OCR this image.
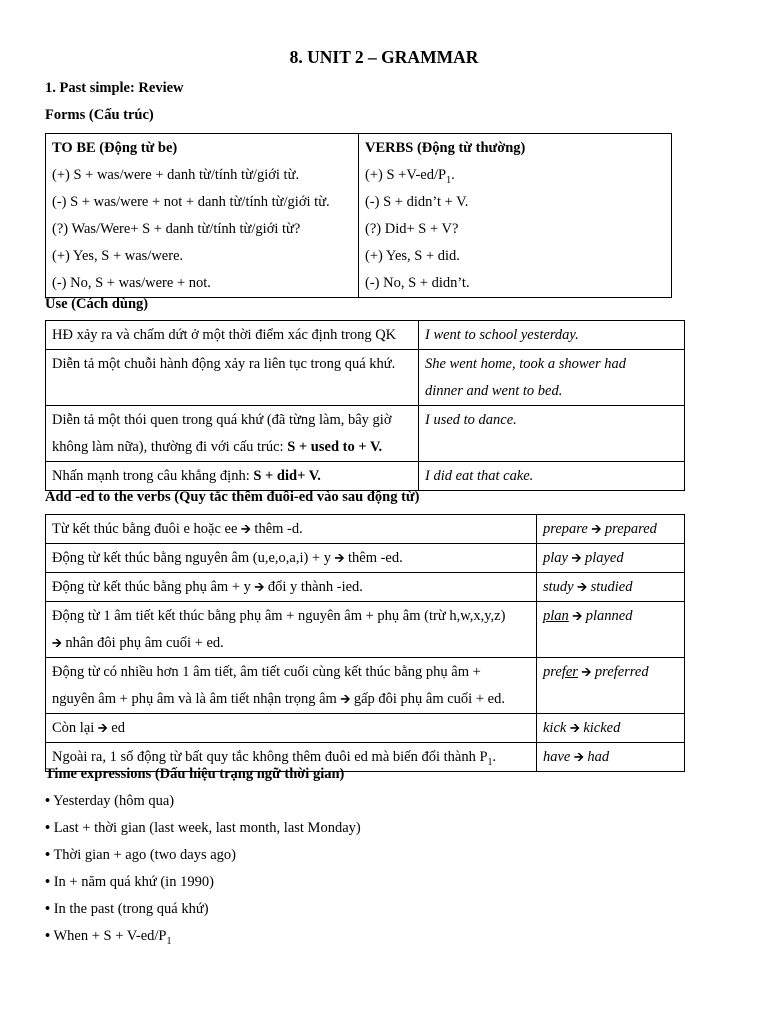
8. UNIT 2 – GRAMMAR
1. Past simple: Review
Forms (Cấu trúc)
TO BE (Động từ be)
(+) S + was/were + danh từ/tính từ/giới từ.
(-) S + was/were + not + danh từ/tính từ/giới từ.
(?) Was/Were+ S + danh từ/tính từ/giới từ?
(+) Yes, S + was/were.
(-) No, S + was/were + not.

VERBS (Động từ thường)
(+) $S +V-ed/P_1$.
(-) S + didn’t + V.
(?) Did+ S + V?
(+) Yes, S + did.
(-) No, S + didn’t.
Use (Cách dùng)
HĐ xảy ra và chấm dứt ở một thời điểm xác định trong QK	I went to school yesterday.
Diễn tả một chuỗi hành động xảy ra liên tục trong quá khứ.	She went home, took a shower had
dinner and went to bed.

Diễn tả một thói quen trong quá khứ (đã từng làm, bây giờ
không làm nữa), thường đi với cấu trúc: S + used to + V.	I used to dance.
Nhấn mạnh trong câu khẳng định: S + did+ V.	I did eat that cake.
Add -ed to the verbs (Quy tắc thêm đuôi-ed vào sau động từ)
Từ kết thúc bằng đuôi e hoặc ee 🡪 thêm -d.	prepare 🡪 prepared
Động từ kết thúc bằng nguyên âm (u,e,o,a,i) + y 🡪 thêm -ed.	play 🡪 played
Động từ kết thúc bằng phụ âm + y 🡪 đổi y thành -ied.	study 🡪 studied

Động từ 1 âm tiết kết thúc bằng phụ âm + nguyên âm + phụ âm (trừ h,w,x,y,z)
🡪 nhân đôi phụ âm cuối + ed.	plan 🡪 planned

Động từ có nhiều hơn 1 âm tiết, âm tiết cuối cùng kết thúc bằng phụ âm +
nguyên âm + phụ âm và là âm tiết nhận trọng âm 🡪 gấp đôi phụ âm cuối + ed.	prefer 🡪 preferred
Còn lại 🡪 ed	kick 🡪 kicked
Ngoài ra, 1 số động từ bất quy tắc không thêm đuôi ed mà biến đổi thành $P_1$.	have 🡪 had
Time expressions (Dấu hiệu trạng ngữ thời gian)
• Yesterday (hôm qua)
• Last + thời gian (last week, last month, last Monday)
• Thời gian + ago (two days ago)
• In + năm quá khứ (in 1990)
• In the past (trong quá khứ)
• When + $S + V-ed/P_1$
